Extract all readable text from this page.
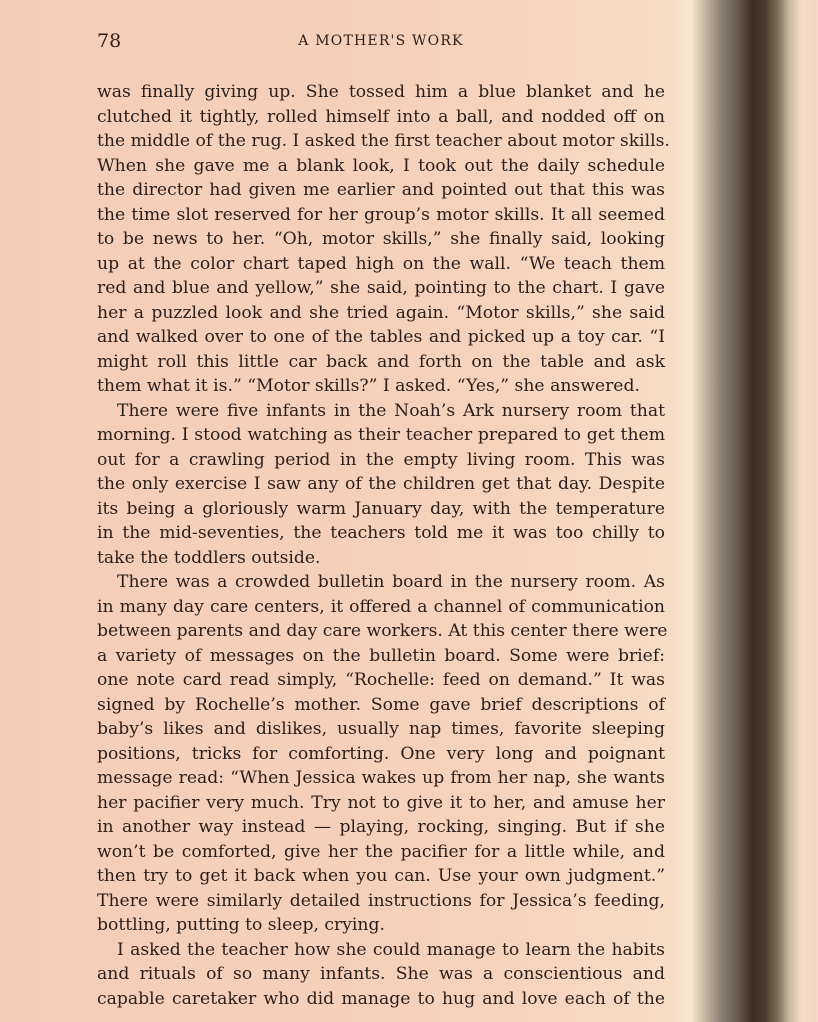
78	A MOTHER'S WORK
was finally giving up. She tossed him a blue blanket and he
clutched it tightly, rolled himself into a ball, and nodded off on
the middle of the rug. I asked the first teacher about motor skills.
When she gave me a blank look, I took out the daily schedule
the director had given me earlier and pointed out that this was
the time slot reserved for her group’s motor skills. It all seemed
to be news to her. “Oh, motor skills,” she finally said, looking
up at the color chart taped high on the wall. “We teach them
red and blue and yellow,” she said, pointing to the chart. I gave
her a puzzled look and she tried again. “Motor skills,” she said
and walked over to one of the tables and picked up a toy car. “I
might roll this little car back and forth on the table and ask
them what it is.” “Motor skills?” I asked. “Yes,” she answered.
There were five infants in the Noah’s Ark nursery room that
morning. I stood watching as their teacher prepared to get them
out for a crawling period in the empty living room. This was
the only exercise I saw any of the children get that day. Despite
its being a gloriously warm January day, with the temperature
in the mid-seventies, the teachers told me it was too chilly to
take the toddlers outside.
There was a crowded bulletin board in the nursery room. As
in many day care centers, it offered a channel of communication
between parents and day care workers. At this center there were
a variety of messages on the bulletin board. Some were brief:
one note card read simply, “Rochelle: feed on demand.” It was
signed by Rochelle’s mother. Some gave brief descriptions of
baby’s likes and dislikes, usually nap times, favorite sleeping
positions, tricks for comforting. One very long and poignant
message read: “When Jessica wakes up from her nap, she wants
her pacifier very much. Try not to give it to her, and amuse her
in another way instead — playing, rocking, singing. But if she
won’t be comforted, give her the pacifier for a little while, and
then try to get it back when you can. Use your own judgment.”
There were similarly detailed instructions for Jessica’s feeding,
bottling, putting to sleep, crying.
I asked the teacher how she could manage to learn the habits
and rituals of so many infants. She was a conscientious and
capable caretaker who did manage to hug and love each of the
